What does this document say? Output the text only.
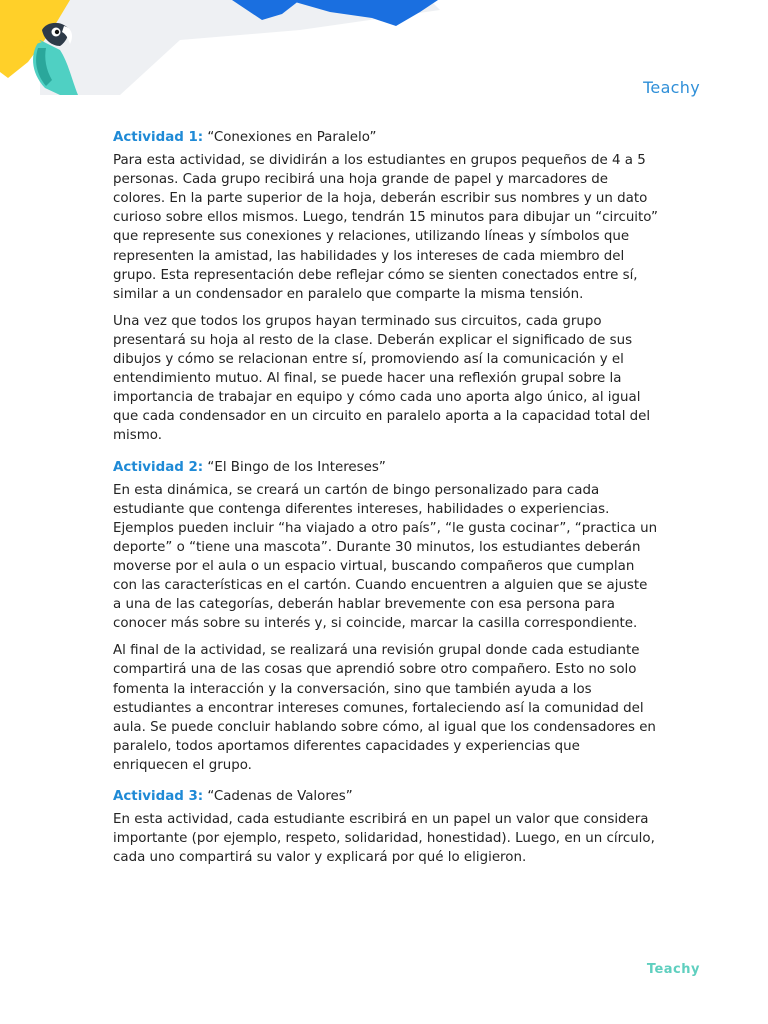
Teachy
Actividad 1: “Conexiones en Paralelo”

Para esta actividad, se dividirán a los estudiantes en grupos pequeños de 4 a 5 personas. Cada grupo recibirá una hoja grande de papel y marcadores de colores. En la parte superior de la hoja, deberán escribir sus nombres y un dato curioso sobre ellos mismos. Luego, tendrán 15 minutos para dibujar un “circuito” que represente sus conexiones y relaciones, utilizando líneas y símbolos que representen la amistad, las habilidades y los intereses de cada miembro del grupo. Esta representación debe reflejar cómo se sienten conectados entre sí, similar a un condensador en paralelo que comparte la misma tensión.

Una vez que todos los grupos hayan terminado sus circuitos, cada grupo presentará su hoja al resto de la clase. Deberán explicar el significado de sus dibujos y cómo se relacionan entre sí, promoviendo así la comunicación y el entendimiento mutuo. Al final, se puede hacer una reflexión grupal sobre la importancia de trabajar en equipo y cómo cada uno aporta algo único, al igual que cada condensador en un circuito en paralelo aporta a la capacidad total del mismo.

Actividad 2: “El Bingo de los Intereses”

En esta dinámica, se creará un cartón de bingo personalizado para cada estudiante que contenga diferentes intereses, habilidades o experiencias. Ejemplos pueden incluir “ha viajado a otro país”, “le gusta cocinar”, “practica un deporte” o “tiene una mascota”. Durante 30 minutos, los estudiantes deberán moverse por el aula o un espacio virtual, buscando compañeros que cumplan con las características en el cartón. Cuando encuentren a alguien que se ajuste a una de las categorías, deberán hablar brevemente con esa persona para conocer más sobre su interés y, si coincide, marcar la casilla correspondiente.

Al final de la actividad, se realizará una revisión grupal donde cada estudiante compartirá una de las cosas que aprendió sobre otro compañero. Esto no solo fomenta la interacción y la conversación, sino que también ayuda a los estudiantes a encontrar intereses comunes, fortaleciendo así la comunidad del aula. Se puede concluir hablando sobre cómo, al igual que los condensadores en paralelo, todos aportamos diferentes capacidades y experiencias que enriquecen el grupo.

Actividad 3: “Cadenas de Valores”

En esta actividad, cada estudiante escribirá en un papel un valor que considera importante (por ejemplo, respeto, solidaridad, honestidad). Luego, en un círculo, cada uno compartirá su valor y explicará por qué lo eligieron.

Teachy
